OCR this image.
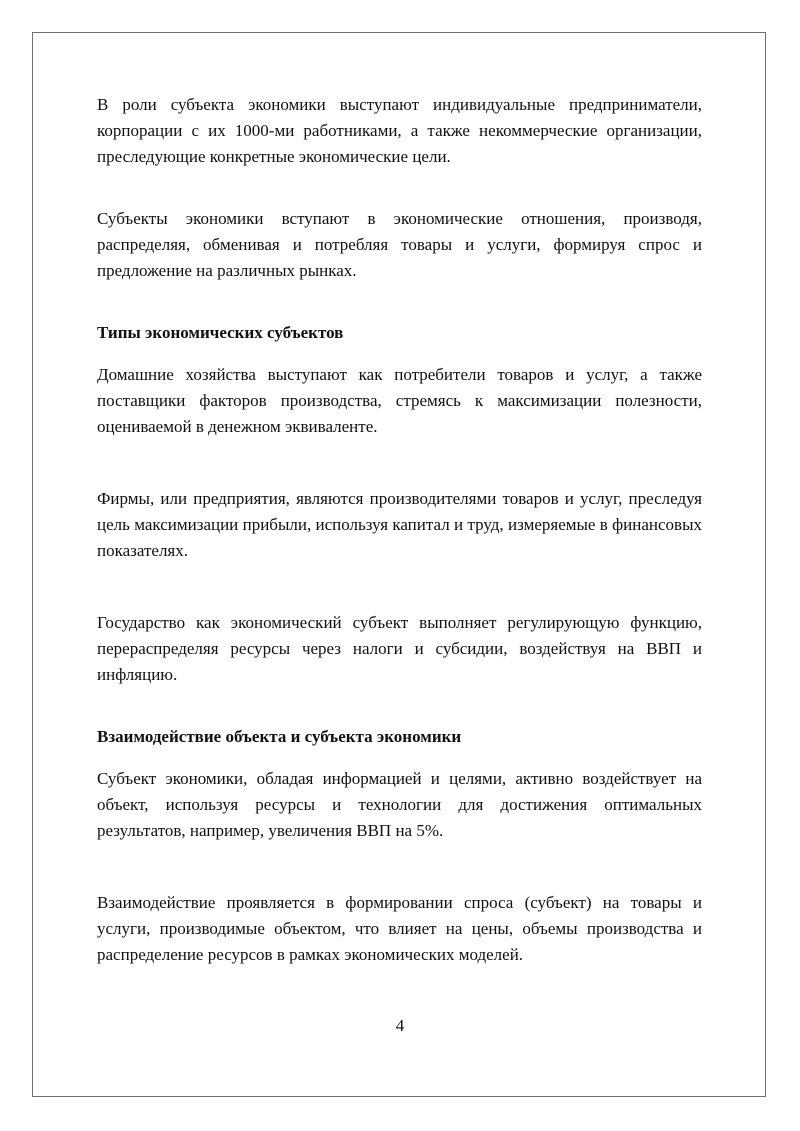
В роли субъекта экономики выступают индивидуальные предприниматели, корпорации с их 1000-ми работниками, а также некоммерческие организации, преследующие конкретные экономические цели.

Субъекты экономики вступают в экономические отношения, производя, распределяя, обменивая и потребляя товары и услуги, формируя спрос и предложение на различных рынках.

Типы экономических субъектов

Домашние хозяйства выступают как потребители товаров и услуг, а также поставщики факторов производства, стремясь к максимизации полезности, оцениваемой в денежном эквиваленте.

Фирмы, или предприятия, являются производителями товаров и услуг, преследуя цель максимизации прибыли, используя капитал и труд, измеряемые в финансовых показателях.

Государство как экономический субъект выполняет регулирующую функцию, перераспределяя ресурсы через налоги и субсидии, воздействуя на ВВП и инфляцию.

Взаимодействие объекта и субъекта экономики

Субъект экономики, обладая информацией и целями, активно воздействует на объект, используя ресурсы и технологии для достижения оптимальных результатов, например, увеличения ВВП на 5%.

Взаимодействие проявляется в формировании спроса (субъект) на товары и услуги, производимые объектом, что влияет на цены, объемы производства и распределение ресурсов в рамках экономических моделей.

4
